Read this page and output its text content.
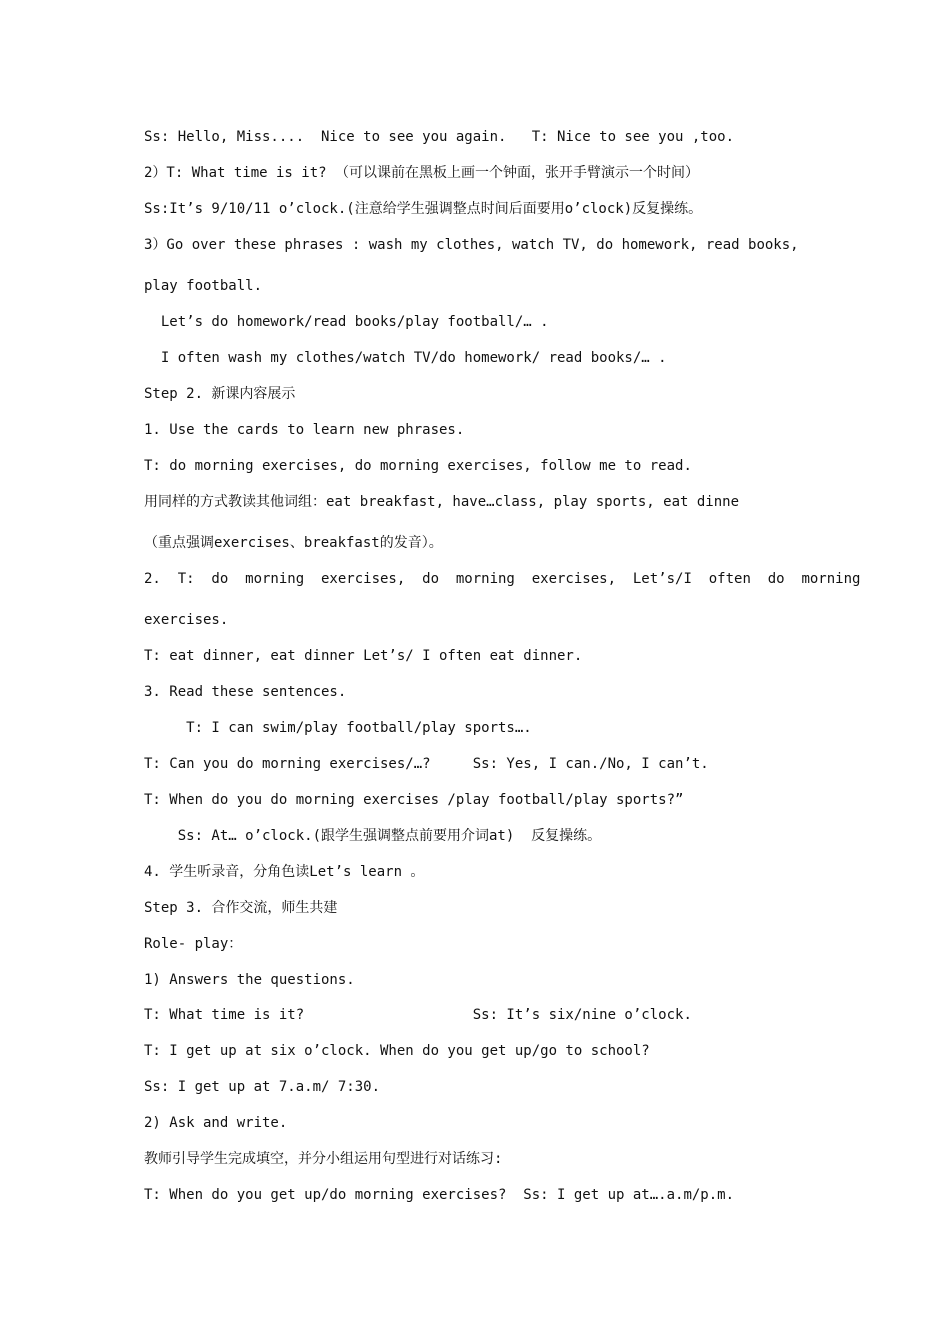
Ss: Hello, Miss....  Nice to see you again.   T: Nice to see you ,too.
2）T: What time is it? （可以课前在黑板上画一个钟面，张开手臂演示一个时间）
Ss:It’s 9/10/11 o’clock.(注意给学生强调整点时间后面要用o’clock)反复操练。
3）Go over these phrases : wash my clothes, watch TV, do homework, read books,
play football.
Let’s do homework/read books/play football/… .
I often wash my clothes/watch TV/do homework/ read books/… .
Step 2. 新课内容展示
1. Use the cards to learn new phrases.
T: do morning exercises, do morning exercises, follow me to read.
用同样的方式教读其他词组：eat breakfast, have…class, play sports, eat dinne
（重点强调exercises、breakfast的发音）。
2.  T:  do  morning  exercises,  do  morning  exercises,  Let’s/I  often  do  morning
exercises.
T: eat dinner, eat dinner Let’s/ I often eat dinner.
3. Read these sentences.
T: I can swim/play football/play sports….
T: Can you do morning exercises/…?     Ss: Yes, I can./No, I can’t.
T: When do you do morning exercises /play football/play sports?”
Ss: At… o’clock.(跟学生强调整点前要用介词at)  反复操练。
4. 学生听录音，分角色读Let’s learn 。
Step 3. 合作交流，师生共建
Role- play：
1) Answers the questions.
T: What time is it?                    Ss: It’s six/nine o’clock.
T: I get up at six o’clock. When do you get up/go to school?
Ss: I get up at 7.a.m/ 7:30.
2) Ask and write.
教师引导学生完成填空，并分小组运用句型进行对话练习:
T: When do you get up/do morning exercises?  Ss: I get up at….a.m/p.m.
